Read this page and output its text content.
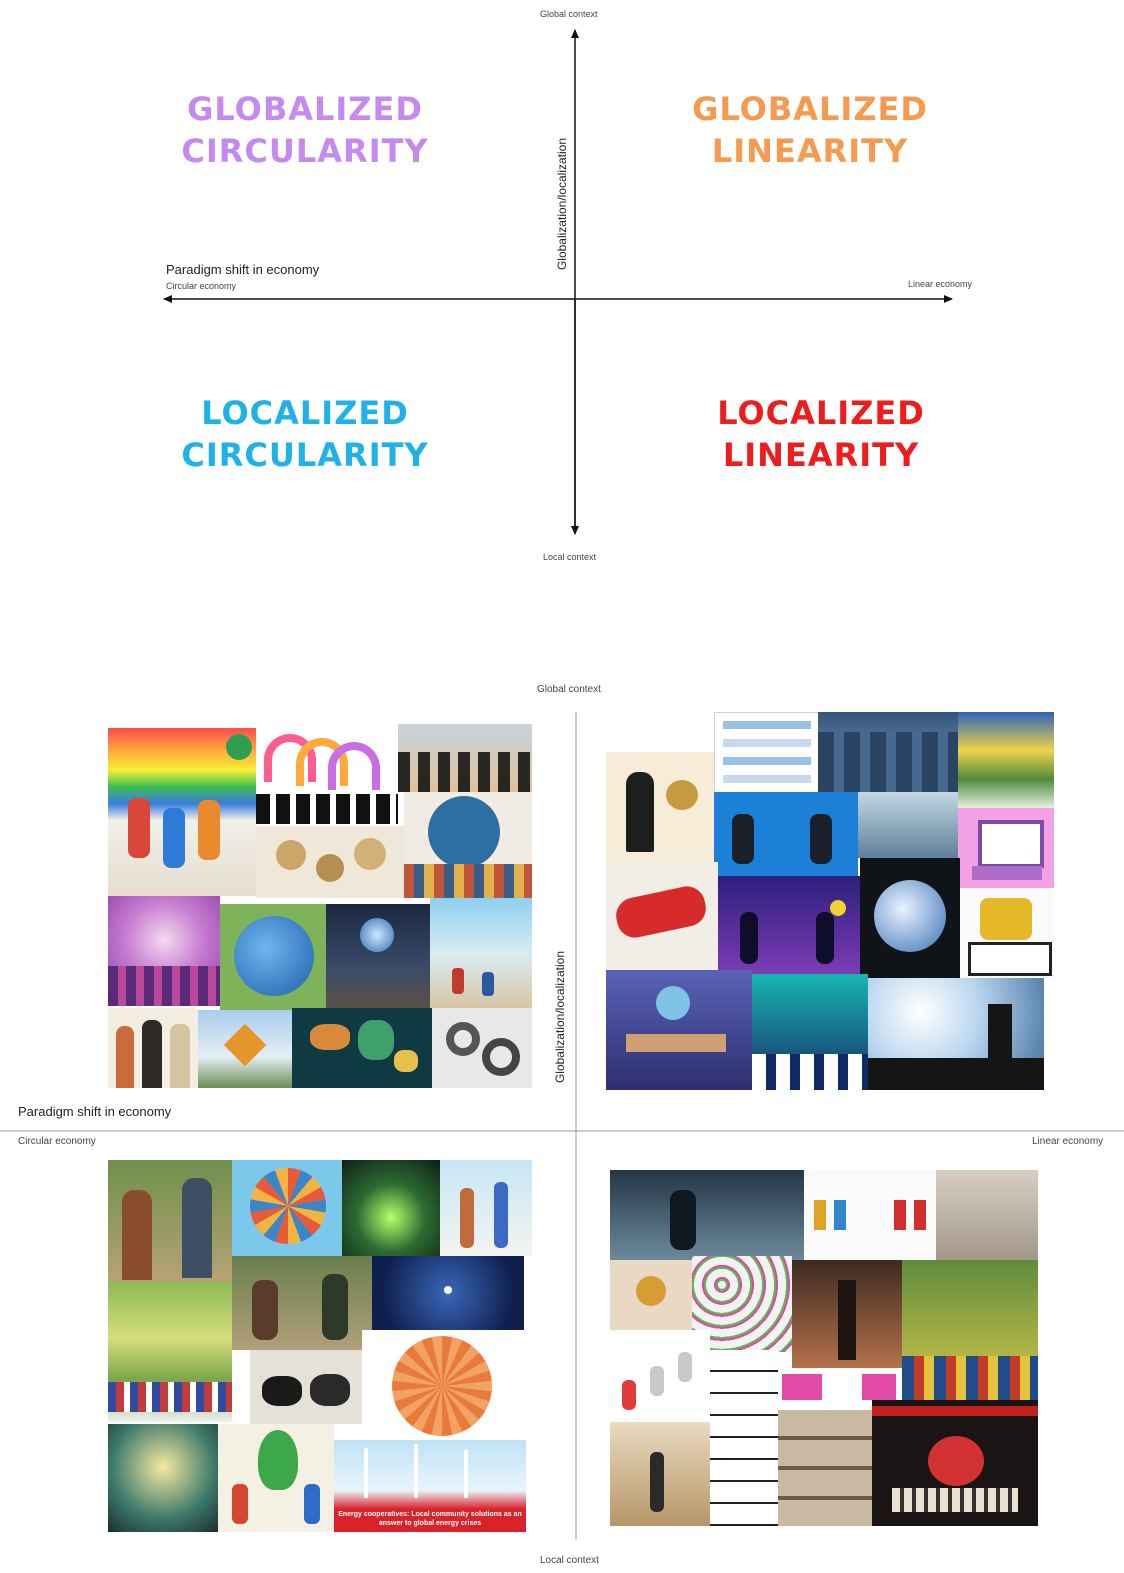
Global context
Local context
Circular economy	Linear economy
Paradigm shift in economy	Globalization/localization
GLOBALIZED
CIRCULARITY
GLOBALIZED
LINEARITY
LOCALIZED
CIRCULARITY
LOCALIZED
LINEARITY
Global context
Local context
Circular economy	Linear economy
Paradigm shift in economy
Globalization/localization
Energy cooperatives: Local community solutions as an answer to global energy crises
